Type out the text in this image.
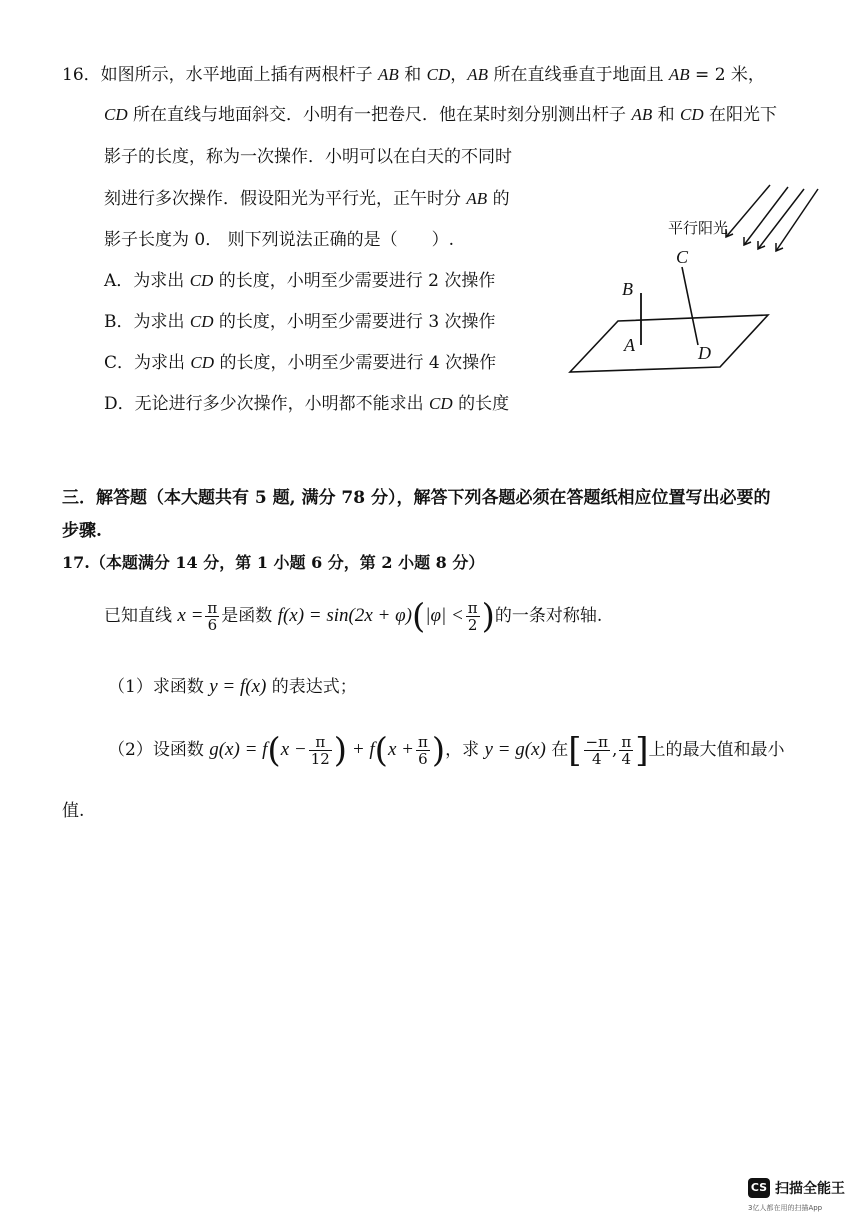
16．如图所示，水平地面上插有两根杆子 AB 和 CD，AB 所在直线垂直于地面且 AB = 2 米，
CD 所在直线与地面斜交．小明有一把卷尺．他在某时刻分别测出杆子 AB 和 CD 在阳光下
影子的长度，称为一次操作．小明可以在白天的不同时
刻进行多次操作．假设阳光为平行光，正午时分 AB 的
影子长度为 0． 则下列说法正确的是（　　）.
A．为求出 CD 的长度，小明至少需要进行 2 次操作
B．为求出 CD 的长度，小明至少需要进行 3 次操作
C．为求出 CD 的长度，小明至少需要进行 4 次操作
D．无论进行多少次操作，小明都不能求出 CD 的长度
平行阳光
B
A
C
D
三．解答题（本大题共有 5 题, 满分 78 分），解答下列各题必须在答题纸相应位置写出必要的
步骤.
17.（本题满分 14 分，第 1 小题 6 分，第 2 小题 8 分）
已知直线 $x = \frac{\pi}{6}$ 是函数 $f(x) = \sin(2x + \varphi)(|\varphi| < \frac{\pi}{2}$ )的一条对称轴.
（1）求函数 y = f(x) 的表达式；
（2）设函数 $g(x) = f(x - \frac{\pi}{12}$ ) + $f(x + \frac{\pi}{6}$ )，求 y = g(x) 在[ $\frac{-\pi}{4}$ , $\frac{\pi}{4}$ ]上的最大值和最小
值.
CS 扫描全能王
3亿人都在用的扫描App
